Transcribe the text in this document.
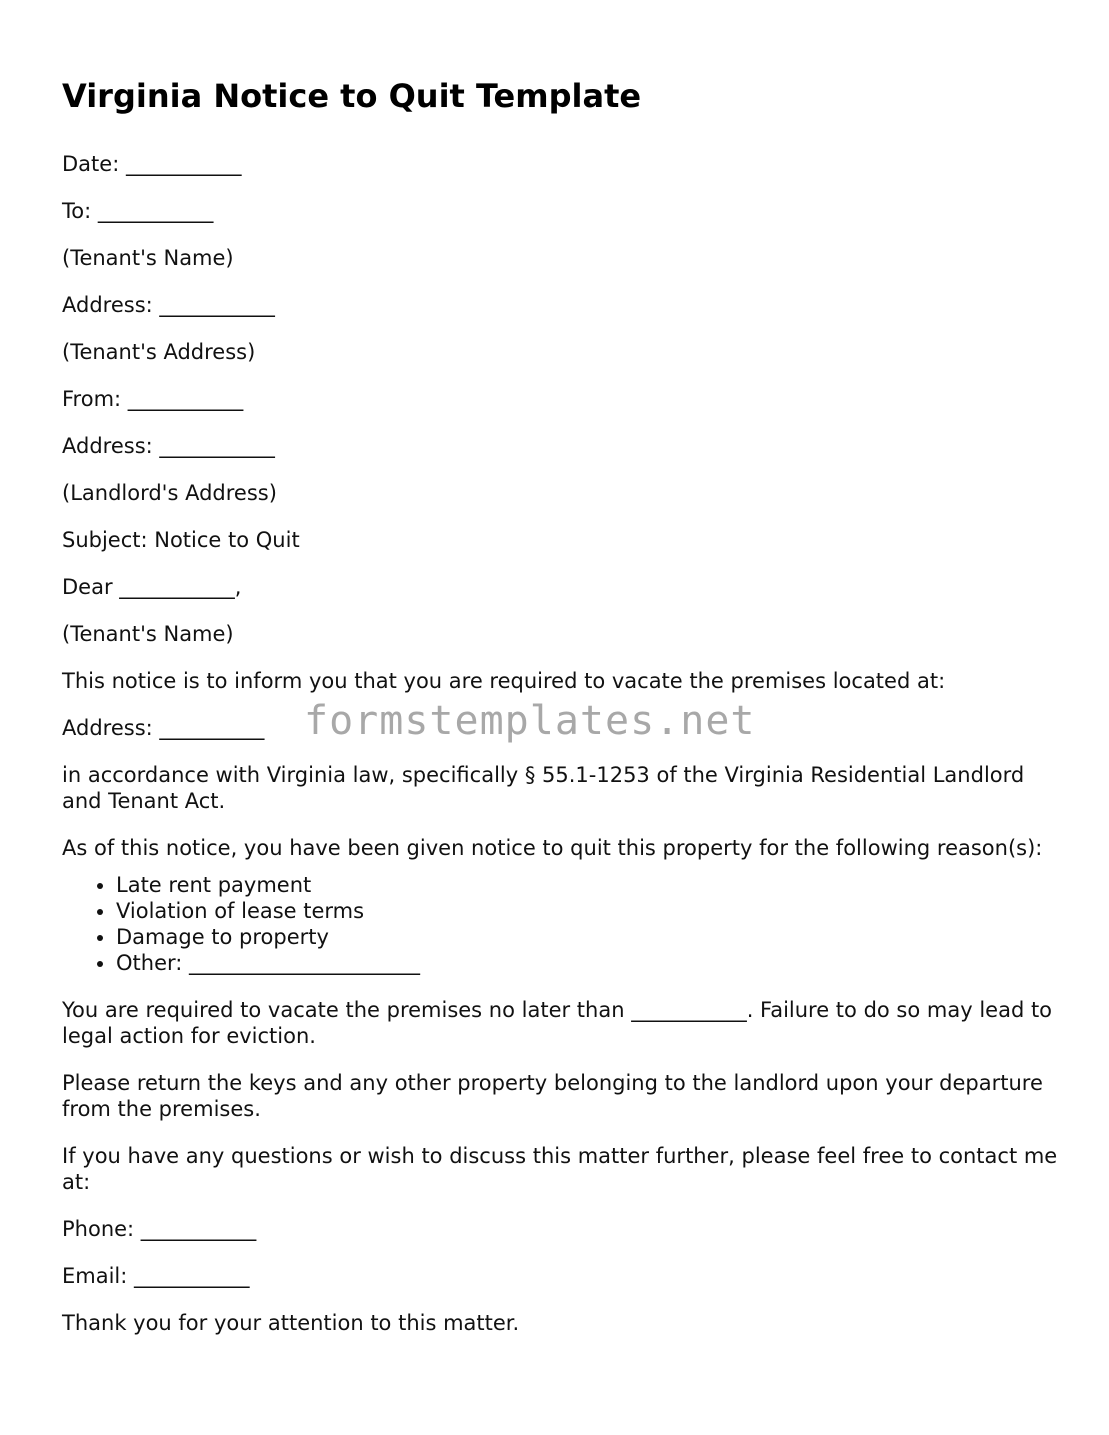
Virginia Notice to Quit Template

Date: ___________

To: ___________

(Tenant's Name)

Address: ___________

(Tenant's Address)

From: ___________

Address: ___________

(Landlord's Address)

Subject: Notice to Quit

Dear ___________,

(Tenant's Name)

This notice is to inform you that you are required to vacate the premises located at:

Address: __________ formstemplates.net

in accordance with Virginia law, specifically § 55.1-1253 of the Virginia Residential Landlord and Tenant Act.

As of this notice, you have been given notice to quit this property for the following reason(s):

• Late rent payment
• Violation of lease terms
• Damage to property
• Other: ______________________

You are required to vacate the premises no later than ___________. Failure to do so may lead to legal action for eviction.

Please return the keys and any other property belonging to the landlord upon your departure from the premises.

If you have any questions or wish to discuss this matter further, please feel free to contact me at:

Phone: ___________

Email: ___________

Thank you for your attention to this matter.
